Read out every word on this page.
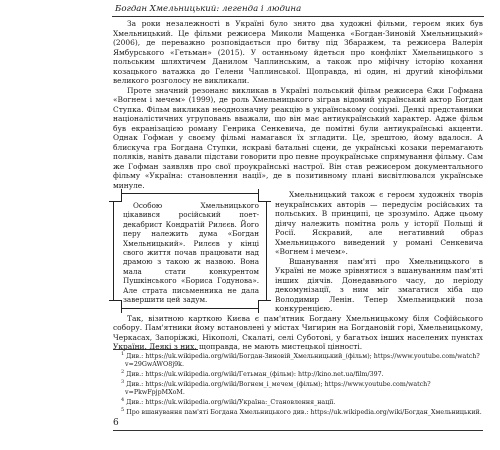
Богдан Хмельницький: легенда і людина

За роки незалежності в Україні було знято два художні фільми, героєм яких був Хмельницький. Це фільми режисера Миколи Мащенка «Богдан-Зиновій Хмельницький» (2006), де переважно розповідається про битву під Збаражем, та режисера Валерія Ямбурського «Гетьман» (2015). У останньому йдеться про конфлікт Хмельницького з польським шляхтичем Данилом Чаплинським, а також про міфічну історію кохання козацького ватажка до Гелени Чаплинської. Щоправда, ні один, ні другий кінофільми великого розголосу не викликали.

Проте значний резонанс викликав в Україні польський фільм режисера Єжи Гофмана «Вогнем і мечем» (1999), де роль Хмельницького зіграв відомий український актор Богдан Ступка. Фільм викликав неоднозначну реакцію в українському соціумі. Деякі представники націоналістичних угруповань вважали, що він має антиукраїнський характер. Адже фільм був екранізацією роману Генрика Сенкевича, де помітні були антиукраїнські акценти. Однак Гофман у своєму фільмі намагався їх згладити. Це, зрештою, йому вдалося. А блискуча гра Богдана Ступки, яскраві батальні сцени, де українські козаки перемагають поляків, навіть давали підстави говорити про певне проукраїнське спрямування фільму. Сам же Гофман заявляв про свої проукраїнські настрої. Він став режисером документального фільму «Україна: становлення нації», де в позитивному плані висвітлювался українське минуле.

Особою Хмельницького цікавився російський поет-декабрист Кондратій Рилєєв. Його перу належить дума «Богдан Хмельницький». Рилєєв у кінці свого життя почав працювати над драмою з такою ж назвою. Вона мала стати конкурентом Пушкінського «Бориса Годунова». Але страта письменника не дала завершити цей задум.

Хмельницький також є героєм художніх творів неукраїнських авторів — передусім російських та польських. В принципі, це зрозуміло. Адже цьому діячу належить помітна роль у історії Польщі й Росії. Яскравий, але негативний образ Хмельницького виведений у романі Сенкевича «Вогнем і мечем».

Вшанування пам'яті про Хмельницького в Україні не може зрівнятися з вшануванням пам'яті інших діячів. Донедавнього часу, до періоду декомунізації, з ним міг змагатися хіба що Володимир Ленін. Тепер Хмельницький поза конкуренцією.

Так, візитною карткою Києва є пам'ятник Богдану Хмельницькому біля Софійського собору. Пам'ятники йому встановлені у містах Чигирин на Богдановій горі, Хмельницькому, Черкасах, Запоріжжі, Нікополі, Скалаті, селі Суботові, у багатьох інших населених пунктах України. Деякі з них, щоправда, не мають мистецької цінності.

$^1$ Див.: https://uk.wikipedia.org/wiki/Богдан-Зиновій_Хмельницький_(фільм); https://www.youtube.com/watch?v=29GwAWO8j9k.

$^2$ Див.: https://uk.wikipedia.org/wiki/Гетьман_(фільм): http://kino.net.ua/film/397.

$^3$ Див.: https://uk.wikipedia.org/wiki/Вогнем_і_мечем_(фільм); https://www.youtube.com/watch?v=PkwFpjpMXoM.

$^4$ Див.: https://uk.wikipedia.org/wiki/Україна:_Становлення_нації.

$^5$ Про вшанування пам'яті Богдана Хмельницького див.: https://uk.wikipedia.org/wiki/Богдан_Хмельницький.

6
